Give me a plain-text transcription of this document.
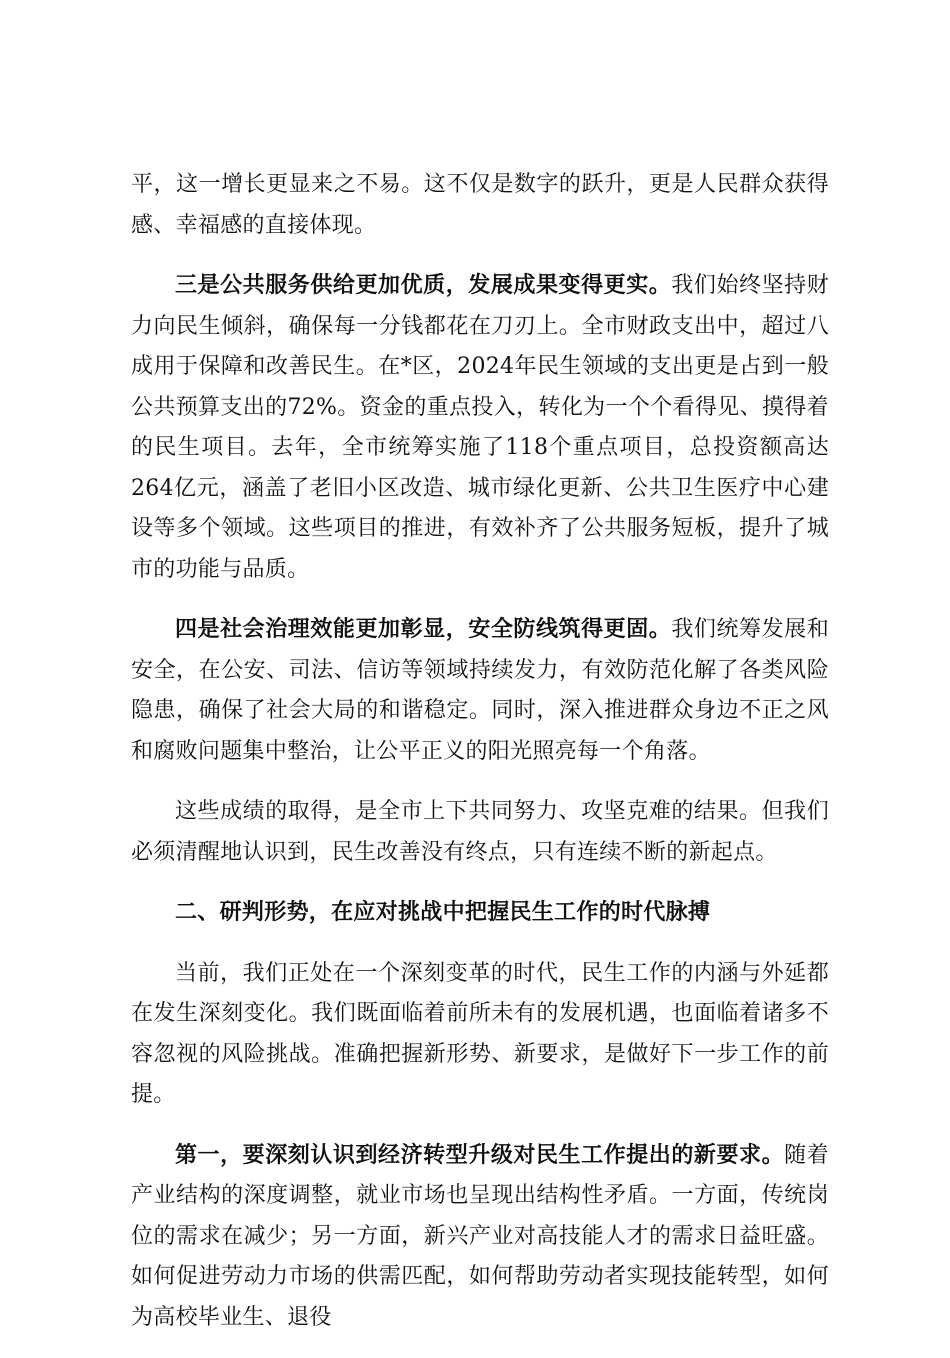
平，这一增长更显来之不易。这不仅是数字的跃升，更是人民群众获得感、幸福感的直接体现。

三是公共服务供给更加优质，发展成果变得更实。我们始终坚持财力向民生倾斜，确保每一分钱都花在刀刃上。全市财政支出中，超过八成用于保障和改善民生。在*区，2024年民生领域的支出更是占到一般公共预算支出的72%。资金的重点投入，转化为一个个看得见、摸得着的民生项目。去年，全市统筹实施了118个重点项目，总投资额高达264亿元，涵盖了老旧小区改造、城市绿化更新、公共卫生医疗中心建设等多个领域。这些项目的推进，有效补齐了公共服务短板，提升了城市的功能与品质。

四是社会治理效能更加彰显，安全防线筑得更固。我们统筹发展和安全，在公安、司法、信访等领域持续发力，有效防范化解了各类风险隐患，确保了社会大局的和谐稳定。同时，深入推进群众身边不正之风和腐败问题集中整治，让公平正义的阳光照亮每一个角落。

这些成绩的取得，是全市上下共同努力、攻坚克难的结果。但我们必须清醒地认识到，民生改善没有终点，只有连续不断的新起点。

二、研判形势，在应对挑战中把握民生工作的时代脉搏

当前，我们正处在一个深刻变革的时代，民生工作的内涵与外延都在发生深刻变化。我们既面临着前所未有的发展机遇，也面临着诸多不容忽视的风险挑战。准确把握新形势、新要求，是做好下一步工作的前提。

第一，要深刻认识到经济转型升级对民生工作提出的新要求。随着产业结构的深度调整，就业市场也呈现出结构性矛盾。一方面，传统岗位的需求在减少；另一方面，新兴产业对高技能人才的需求日益旺盛。如何促进劳动力市场的供需匹配，如何帮助劳动者实现技能转型，如何为高校毕业生、退役
